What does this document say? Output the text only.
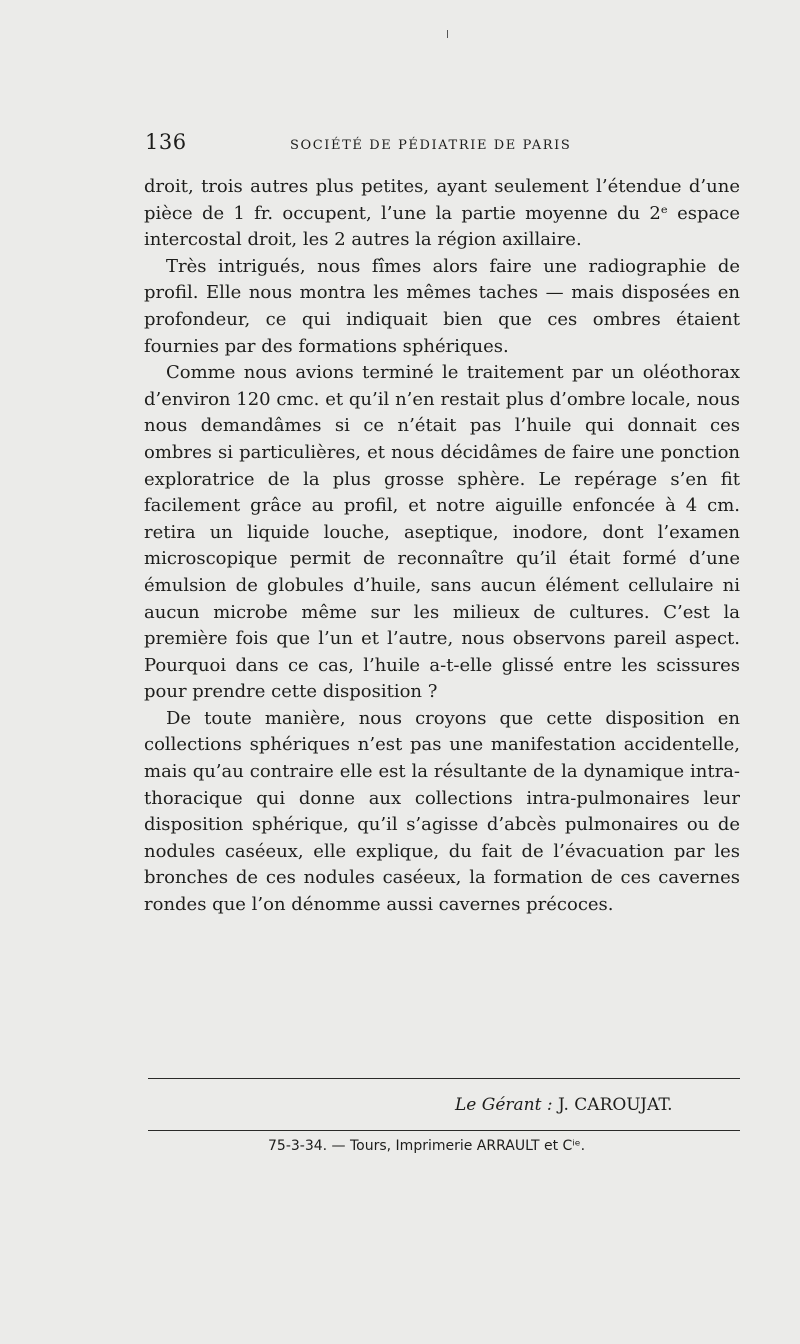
136	SOCIÉTÉ DE PÉDIATRIE DE PARIS

droit, trois autres plus petites, ayant seulement l’étendue d’une pièce de 1 fr. occupent, l’une la partie moyenne du 2ᵉ espace intercostal droit, les 2 autres la région axillaire.

Très intrigués, nous fîmes alors faire une radiographie de profil. Elle nous montra les mêmes taches — mais disposées en profondeur, ce qui indiquait bien que ces ombres étaient fournies par des formations sphériques.

Comme nous avions terminé le traitement par un oléothorax d’environ 120 cmc. et qu’il n’en restait plus d’ombre locale, nous nous demandâmes si ce n’était pas l’huile qui donnait ces ombres si particulières, et nous décidâmes de faire une ponction exploratrice de la plus grosse sphère. Le repérage s’en fit facilement grâce au profil, et notre aiguille enfoncée à 4 cm. retira un liquide louche, aseptique, inodore, dont l’examen microscopique permit de reconnaître qu’il était formé d’une émulsion de globules d’huile, sans aucun élément cellulaire ni aucun microbe même sur les milieux de cultures. C’est la première fois que l’un et l’autre, nous observons pareil aspect. Pourquoi dans ce cas, l’huile a-t-elle glissé entre les scissures pour prendre cette disposition ?

De toute manière, nous croyons que cette disposition en collections sphériques n’est pas une manifestation accidentelle, mais qu’au contraire elle est la résultante de la dynamique intra-thoracique qui donne aux collections intra-pulmonaires leur disposition sphérique, qu’il s’agisse d’abcès pulmonaires ou de nodules caséeux, elle explique, du fait de l’évacuation par les bronches de ces nodules caséeux, la formation de ces cavernes rondes que l’on dénomme aussi cavernes précoces.

Le Gérant : J. CAROUJAT.
75-3-34. — Tours, Imprimerie ARRAULT et Cⁱᵉ.
